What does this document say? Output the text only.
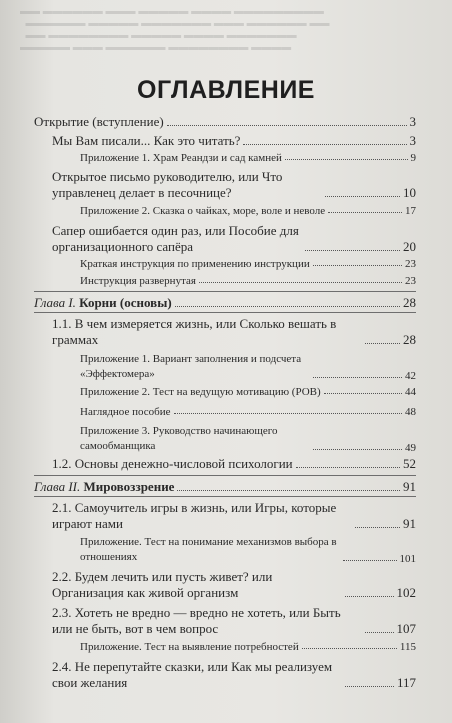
▬▬ ▬▬▬▬▬▬ ▬▬▬ ▬▬▬▬▬ ▬▬▬▬ ▬▬▬▬▬▬▬▬▬
▬▬▬▬▬▬ ▬▬▬▬▬ ▬▬▬▬▬▬▬ ▬▬▬ ▬▬▬▬▬▬ ▬▬
▬▬ ▬▬▬▬▬▬▬▬ ▬▬▬▬▬ ▬▬▬▬ ▬▬▬▬▬▬▬
▬▬▬▬▬ ▬▬▬ ▬▬▬▬▬▬ ▬▬▬▬▬▬▬▬ ▬▬▬▬
ОГЛАВЛЕНИЕ
Открытие (вступление)	3
Мы Вам писали... Как это читать?	3
Приложение 1. Храм Реандзи и сад камней	9
Открытое письмо руководителю, или Что управленец делает в песочнице?	10
Приложение 2. Сказка о чайках, море, воле и неволе	17
Сапер ошибается один раз, или Пособие для организационного сапёра	20
Краткая инструкция по применению инструкции	23
Инструкция развернутая	23
Глава I. Корни (основы)	28
1.1. В чем измеряется жизнь, или Сколько вешать в граммах	28
Приложение 1. Вариант заполнения и подсчета «Эффектомера»	42
Приложение 2. Тест на ведущую мотивацию (РОВ)	44
Наглядное пособие	48
Приложение 3. Руководство начинающего самообманщика	49
1.2. Основы денежно-числовой психологии	52
Глава II. Мировоззрение	91
2.1. Самоучитель игры в жизнь, или Игры, которые играют нами	91
Приложение. Тест на понимание механизмов выбора в отношениях	101
2.2. Будем лечить или пусть живет? или Организация как живой организм	102
2.3. Хотеть не вредно — вредно не хотеть, или Быть или не быть, вот в чем вопрос	107
Приложение. Тест на выявление потребностей	115
2.4. Не перепутайте сказки, или Как мы реализуем свои желания	117
